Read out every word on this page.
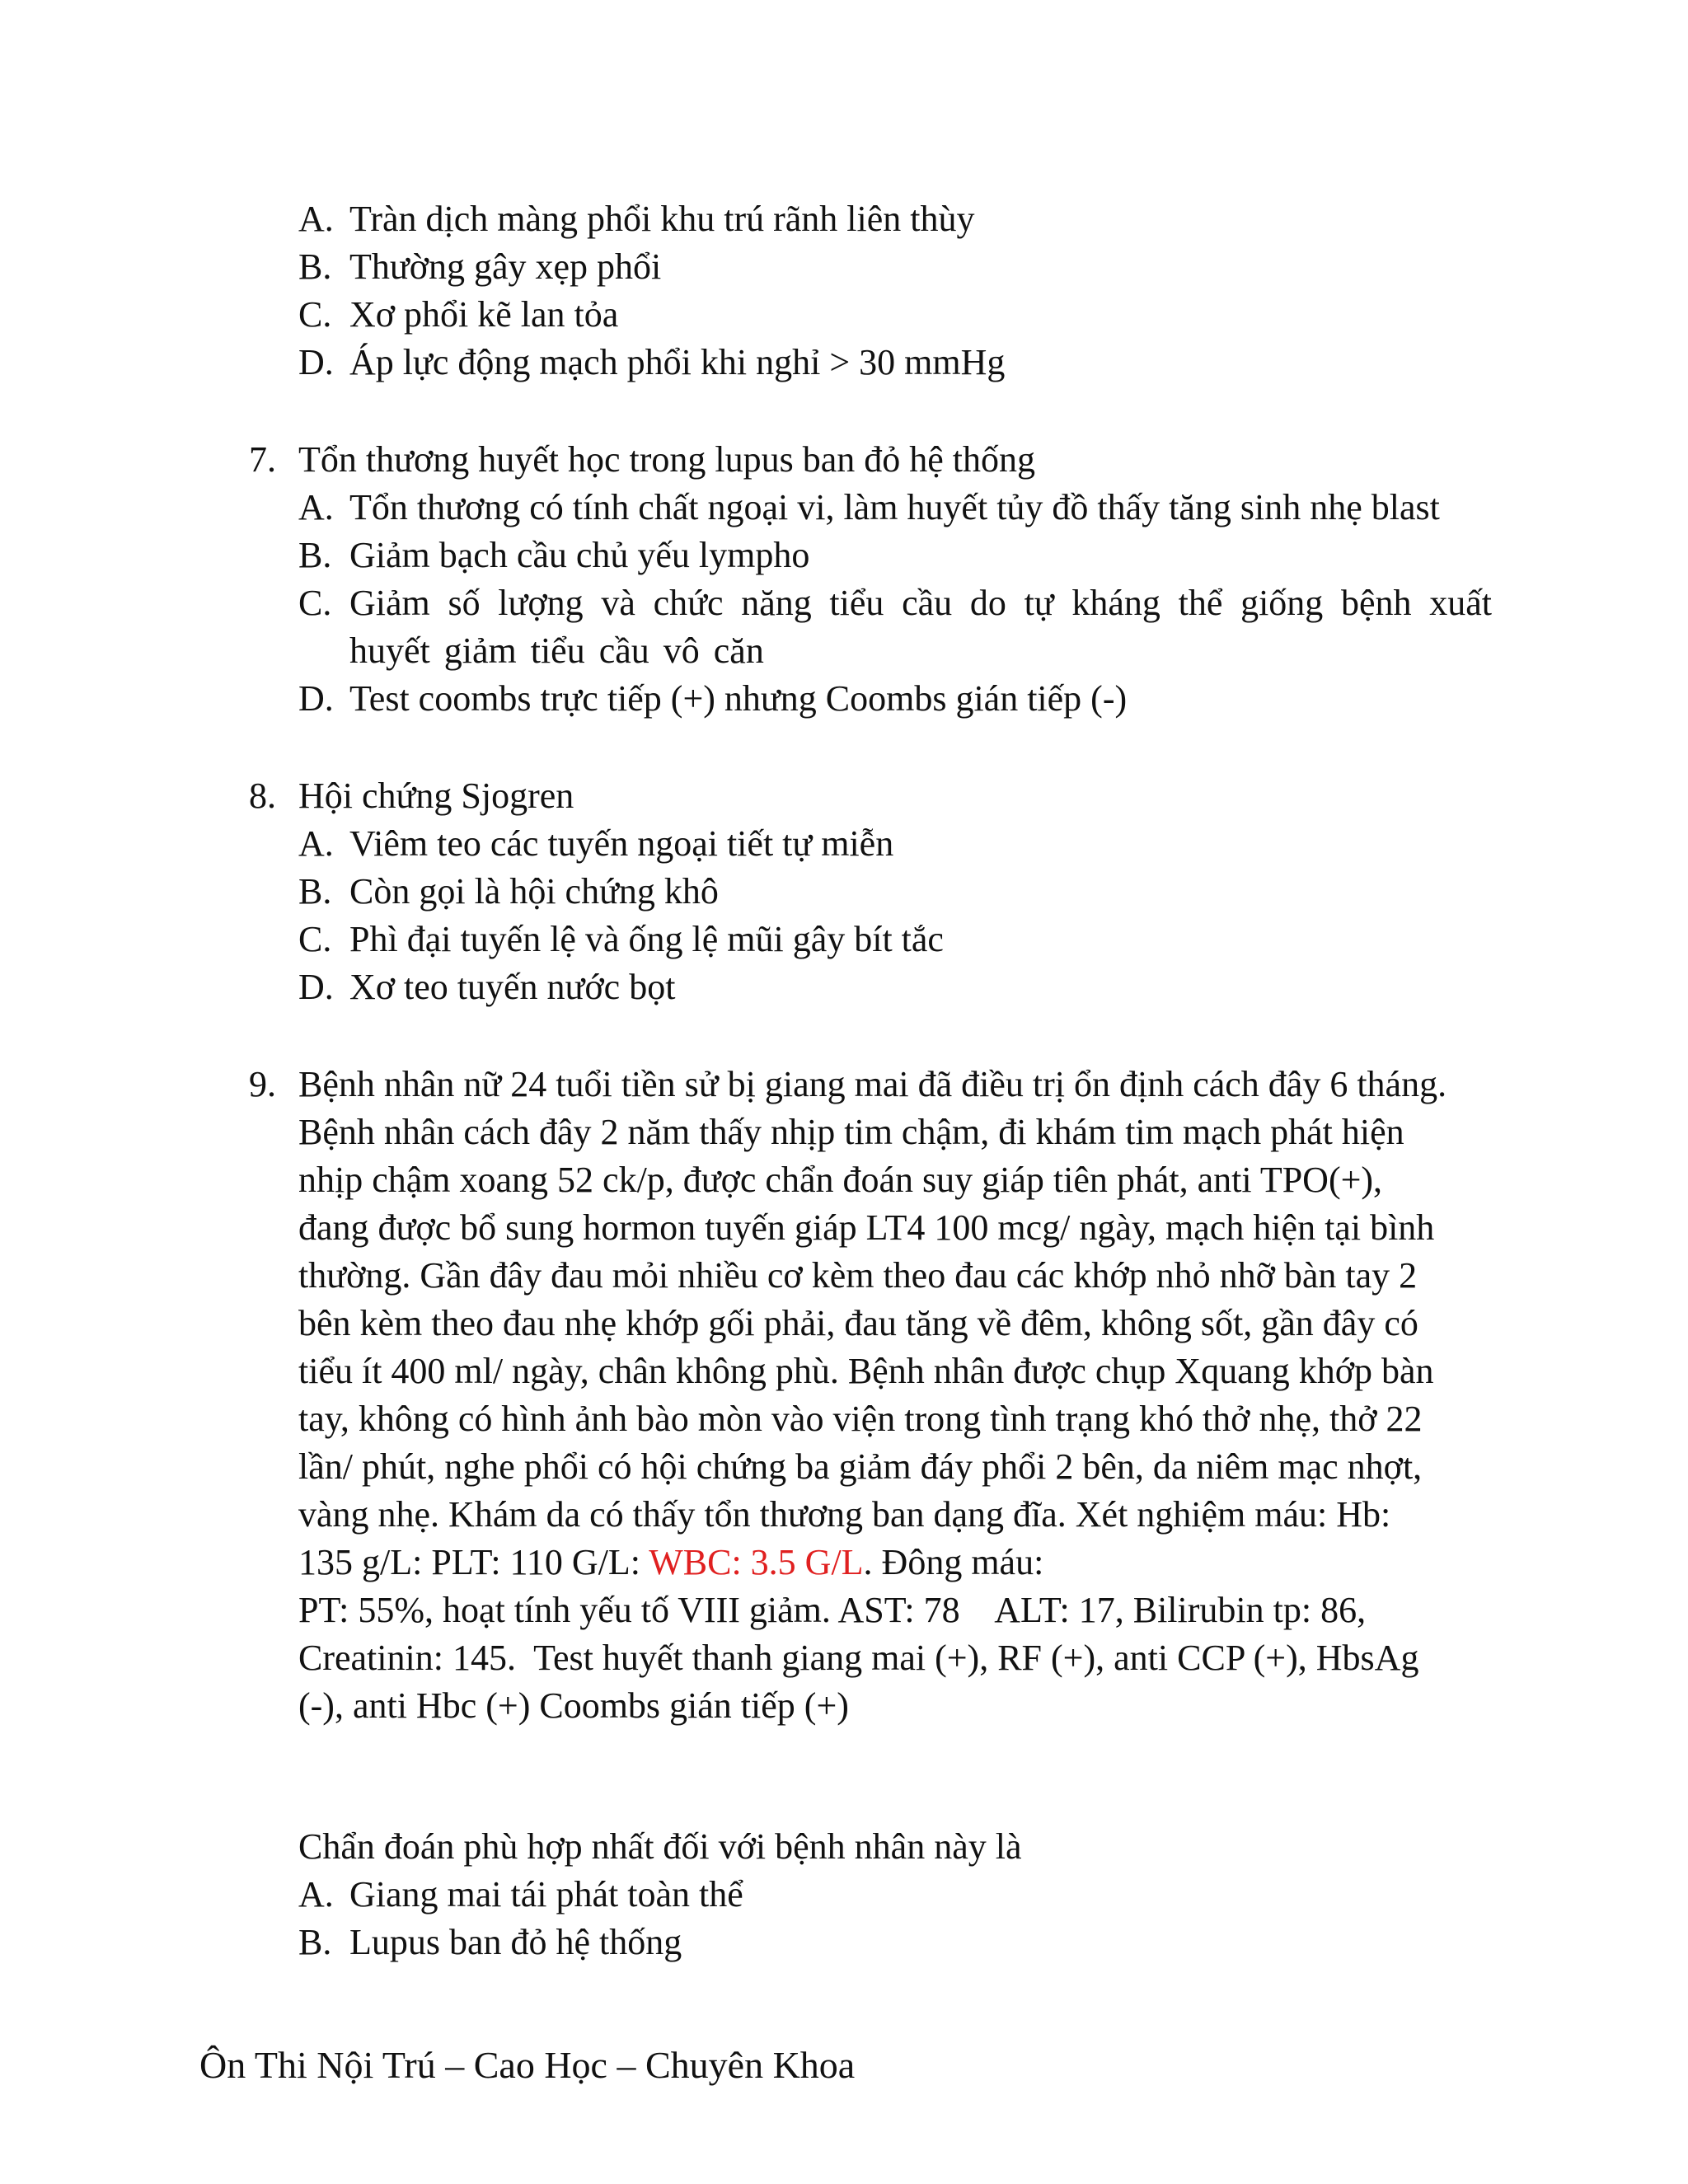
A. Tràn dịch màng phổi khu trú rãnh liên thùy
B. Thường gây xẹp phổi
C. Xơ phổi kẽ lan tỏa
D. Áp lực động mạch phổi khi nghỉ > 30 mmHg
7. Tổn thương huyết học trong lupus ban đỏ hệ thống
A. Tổn thương có tính chất ngoại vi, làm huyết tủy đồ thấy tăng sinh nhẹ blast
B. Giảm bạch cầu chủ yếu lympho
C. Giảm số lượng và chức năng tiểu cầu do tự kháng thể giống bệnh xuất huyết giảm tiểu cầu vô căn
D. Test coombs trực tiếp (+) nhưng Coombs gián tiếp (-)
8. Hội chứng Sjogren
A. Viêm teo các tuyến ngoại tiết tự miễn
B. Còn gọi là hội chứng khô
C. Phì đại tuyến lệ và ống lệ mũi gây bít tắc
D. Xơ teo tuyến nước bọt
9. Bệnh nhân nữ 24 tuổi tiền sử bị giang mai đã điều trị ổn định cách đây 6 tháng.
Bệnh nhân cách đây 2 năm thấy nhịp tim chậm, đi khám tim mạch phát hiện
nhịp chậm xoang 52 ck/p, được chẩn đoán suy giáp tiên phát, anti TPO(+),
đang được bổ sung hormon tuyến giáp LT4 100 mcg/ ngày, mạch hiện tại bình
thường. Gần đây đau mỏi nhiều cơ kèm theo đau các khớp nhỏ nhỡ bàn tay 2
bên kèm theo đau nhẹ khớp gối phải, đau tăng về đêm, không sốt, gần đây có
tiểu ít 400 ml/ ngày, chân không phù. Bệnh nhân được chụp Xquang khớp bàn
tay, không có hình ảnh bào mòn vào viện trong tình trạng khó thở nhẹ, thở 22
lần/ phút, nghe phổi có hội chứng ba giảm đáy phổi 2 bên, da niêm mạc nhợt,
vàng nhẹ. Khám da có thấy tổn thương ban dạng đĩa. Xét nghiệm máu: Hb:
135 g/L: PLT: 110 G/L: WBC: 3.5 G/L. Đông máu:
PT: 55%, hoạt tính yếu tố VIII giảm. AST: 78    ALT: 17, Bilirubin tp: 86,
Creatinin: 145.  Test huyết thanh giang mai (+), RF (+), anti CCP (+), HbsAg
(-), anti Hbc (+) Coombs gián tiếp (+)
Chẩn đoán phù hợp nhất đối với bệnh nhân này là
A. Giang mai tái phát toàn thể
B. Lupus ban đỏ hệ thống
Ôn Thi Nội Trú – Cao Học – Chuyên Khoa
